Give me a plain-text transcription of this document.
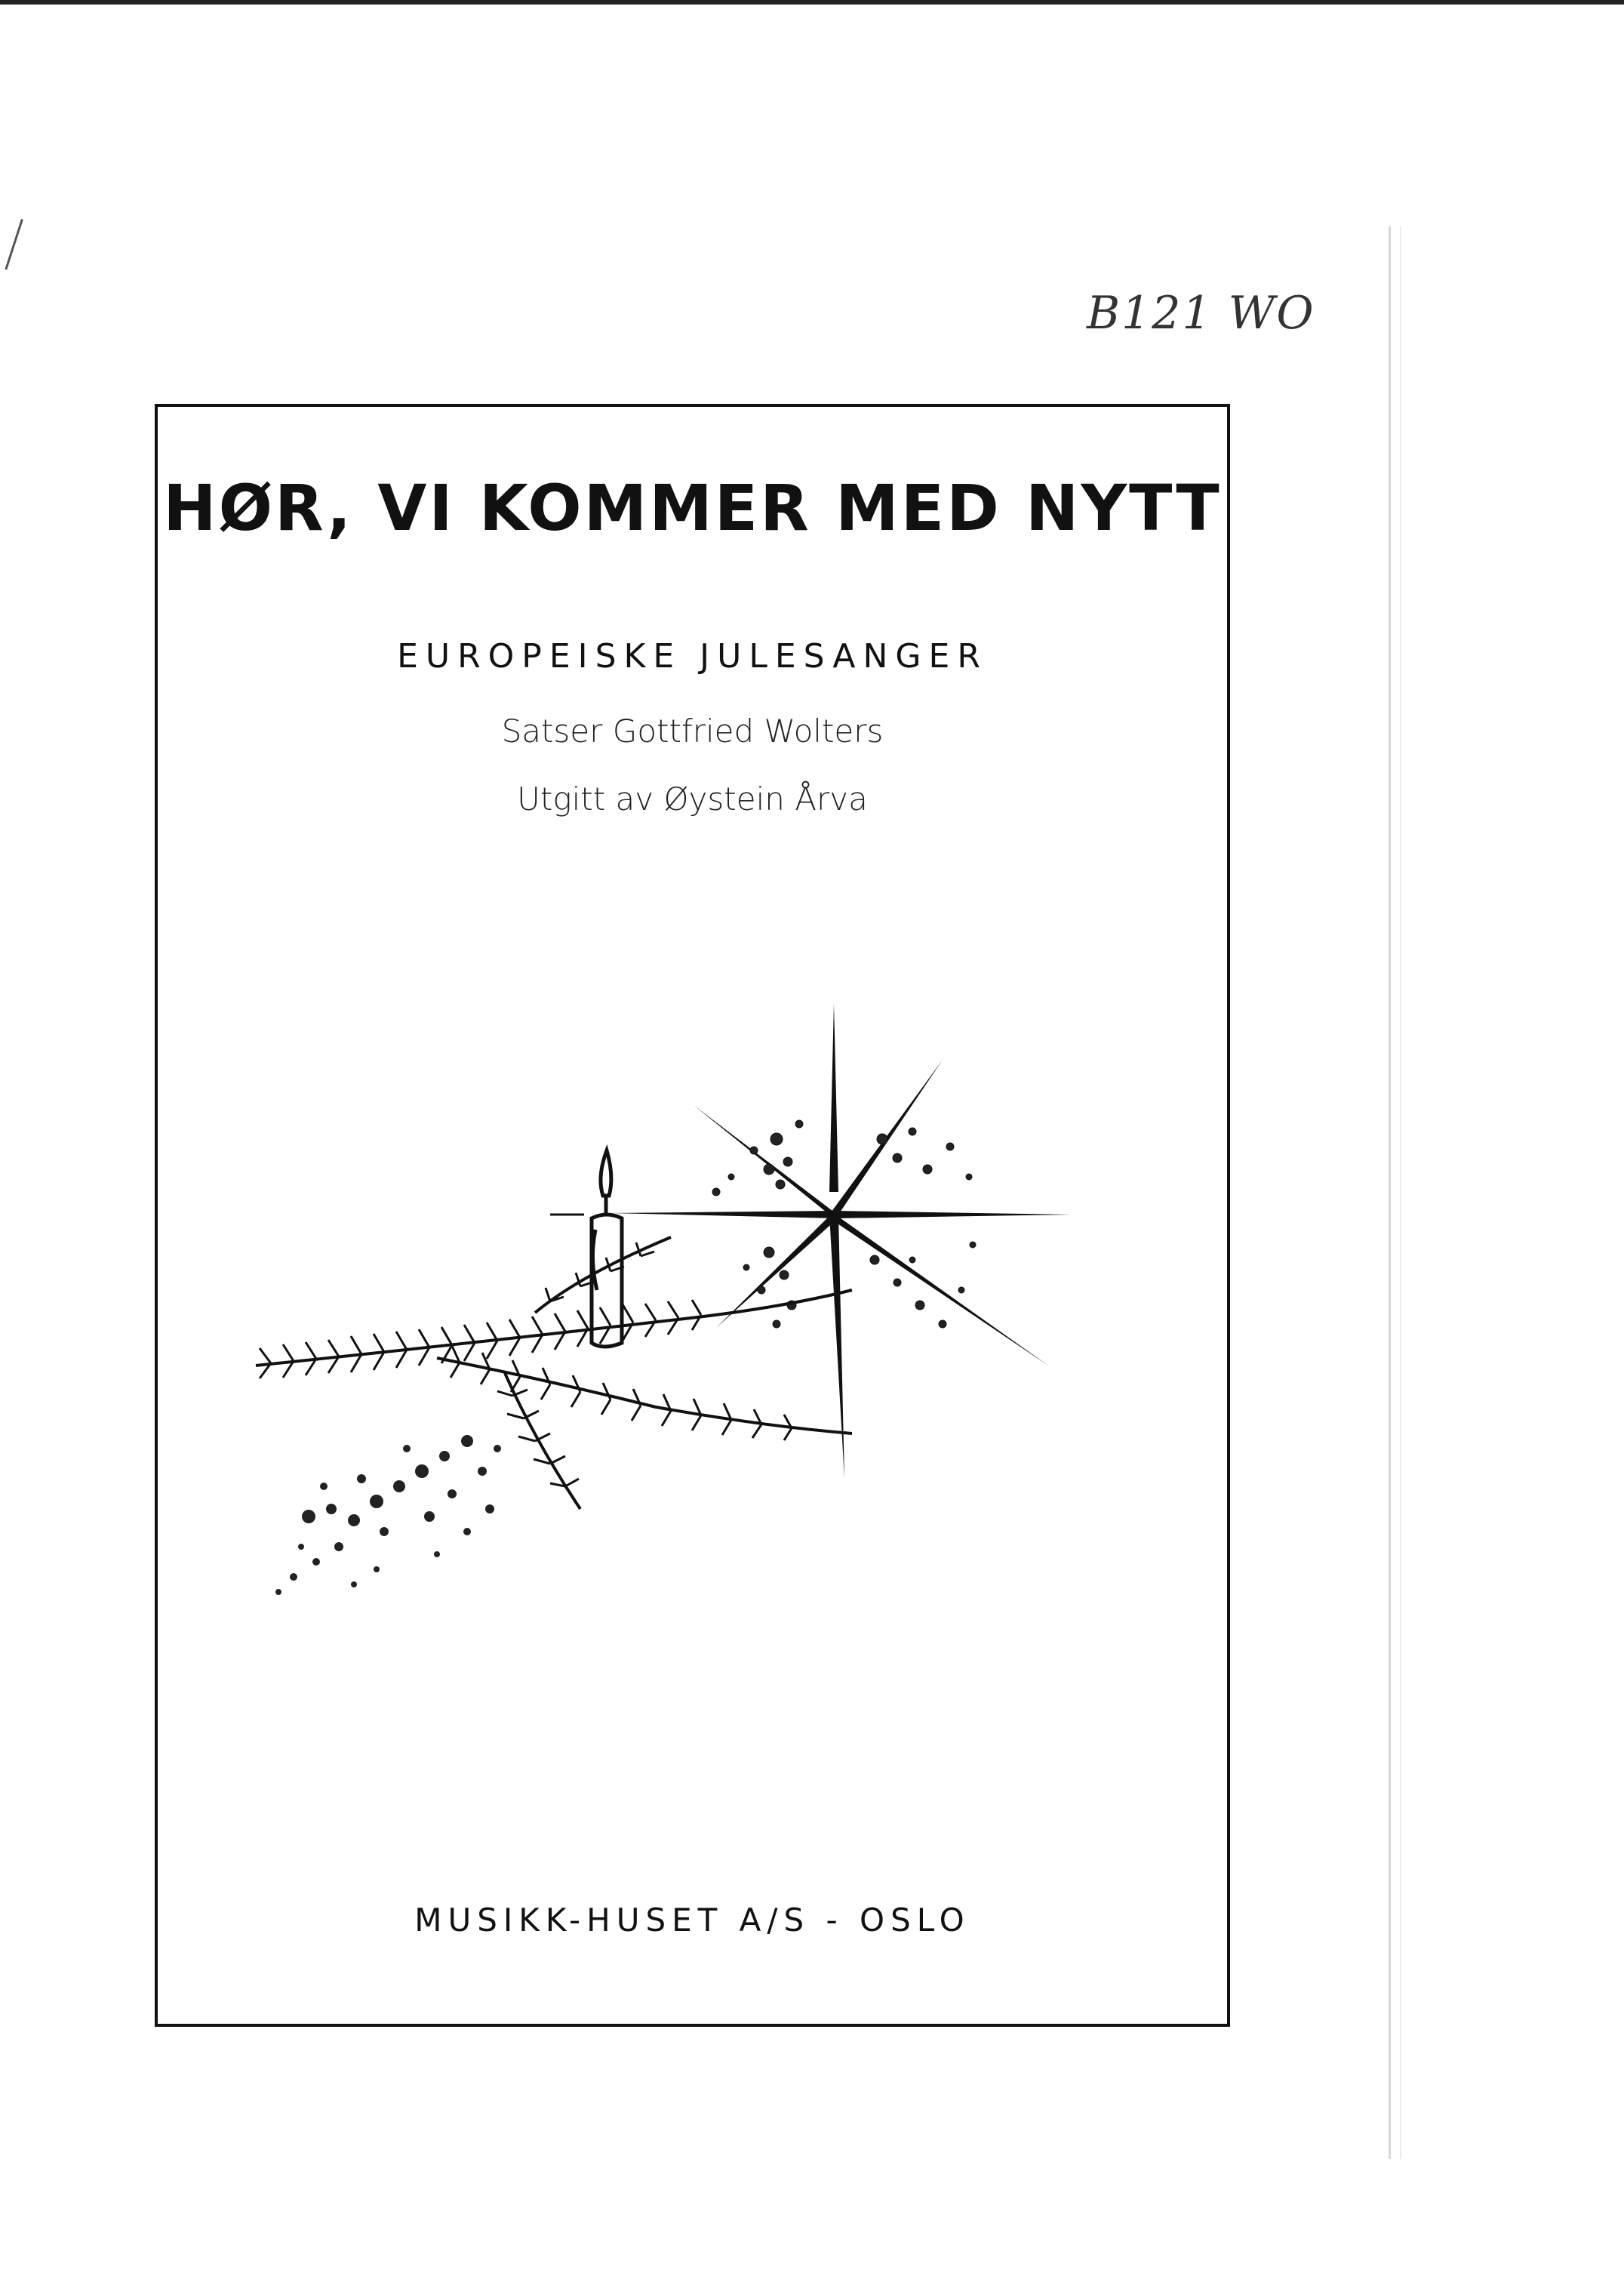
B121 WO
HØR, VI KOMMER MED NYTT
EUROPEISKE JULESANGER
Satser Gottfried Wolters
Utgitt av Øystein Årva
MUSIKK-HUSET A/S - OSLO
